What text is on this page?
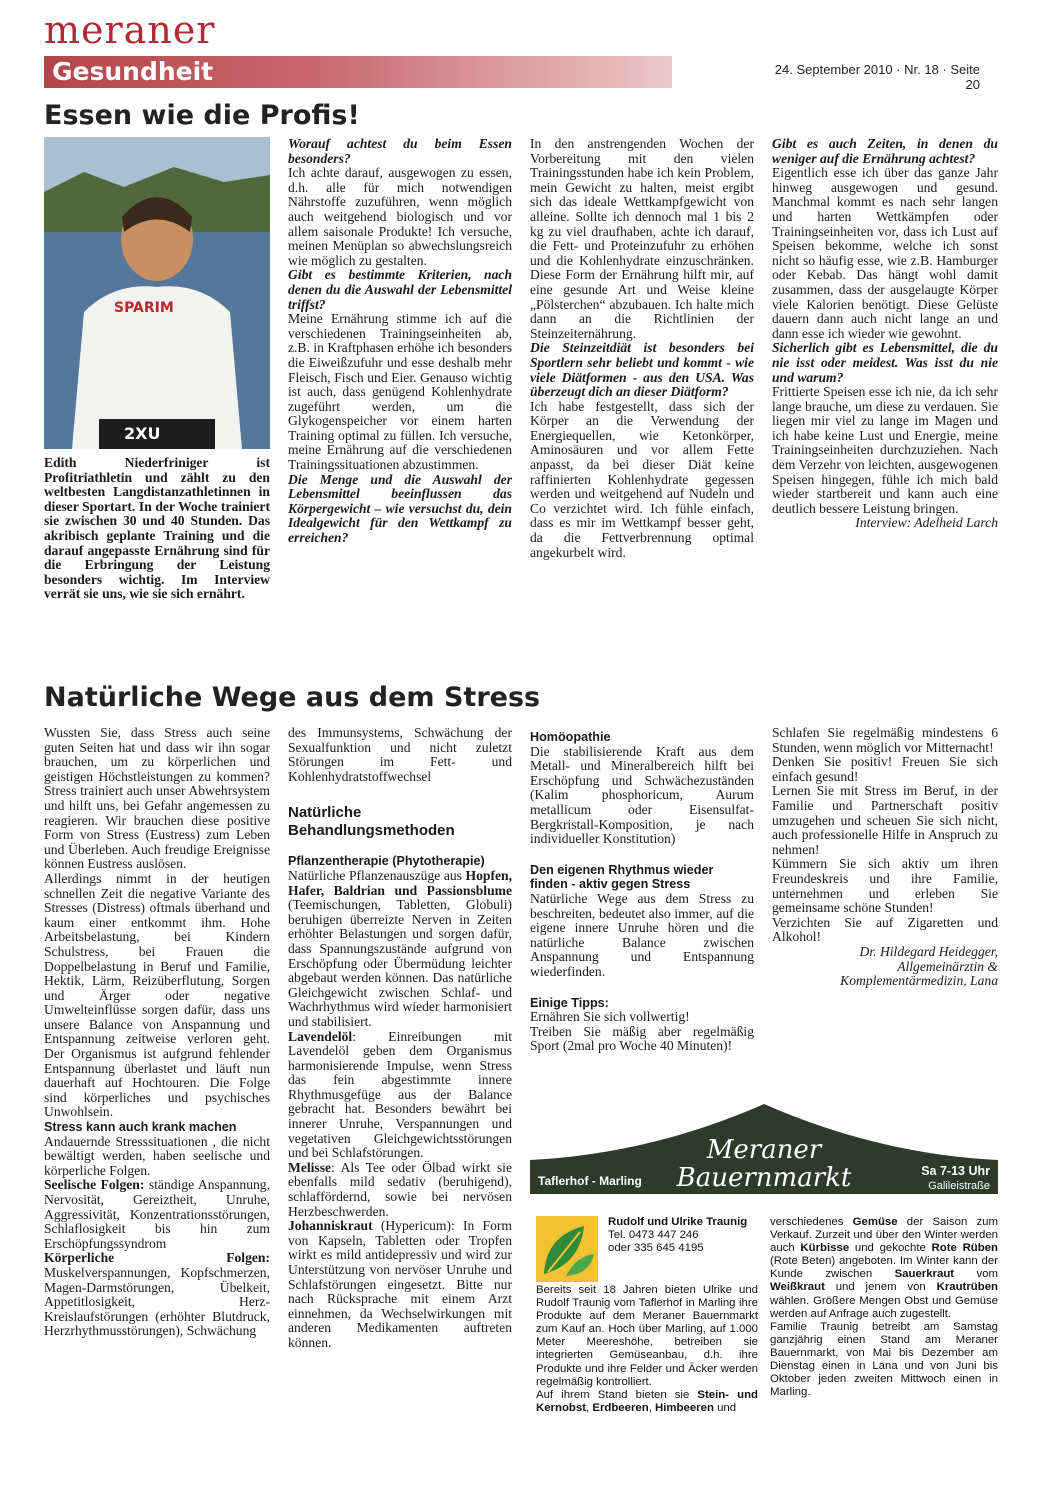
meraner
Gesundheit	24. September 2010 · Nr. 18 · Seite 20
Essen wie die Profis!
SPARIM
2XU
Edith Niederfriniger ist Profitriathletin und zählt zu den weltbesten Langdistanzathletinnen in dieser Sportart. In der Woche trainiert sie zwischen 30 und 40 Stunden. Das akribisch geplante Training und die darauf angepasste Ernährung sind für die Erbringung der Leistung besonders wichtig. Im Interview verrät sie uns, wie sie sich ernährt.

Worauf achtest du beim Essen besonders?

Ich achte darauf, ausgewogen zu essen, d.h. alle für mich notwendigen Nährstoffe zuzuführen, wenn möglich auch weitgehend biologisch und vor allem saisonale Produkte! Ich versuche, meinen Menüplan so abwechslungsreich wie möglich zu gestalten.

Gibt es bestimmte Kriterien, nach denen du die Auswahl der Lebensmittel triffst?

Meine Ernährung stimme ich auf die verschiedenen Trainingseinheiten ab, z.B. in Kraftphasen erhöhe ich besonders die Eiweißzufuhr und esse deshalb mehr Fleisch, Fisch und Eier. Genauso wichtig ist auch, dass genügend Kohlenhydrate zugeführt werden, um die Glykogenspeicher vor einem harten Training optimal zu füllen. Ich versuche, meine Ernährung auf die verschiedenen Trainingssituationen abzustimmen.

Die Menge und die Auswahl der Lebensmittel beeinflussen das Körpergewicht – wie versuchst du, dein Idealgewicht für den Wettkampf zu erreichen?

In den anstrengenden Wochen der Vorbereitung mit den vielen Trainingsstunden habe ich kein Problem, mein Gewicht zu halten, meist ergibt sich das ideale Wettkampfgewicht von alleine. Sollte ich dennoch mal 1 bis 2 kg zu viel draufhaben, achte ich darauf, die Fett- und Proteinzufuhr zu erhöhen und die Kohlenhydrate einzuschränken. Diese Form der Ernährung hilft mir, auf eine gesunde Art und Weise kleine „Pölsterchen“ abzubauen. Ich halte mich dann an die Richtlinien der Steinzeiternährung.

Die Steinzeitdiät ist besonders bei Sportlern sehr beliebt und kommt - wie viele Diätformen - aus den USA. Was überzeugt dich an dieser Diätform?

Ich habe festgestellt, dass sich der Körper an die Verwendung der Energiequellen, wie Ketonkörper, Aminosäuren und vor allem Fette anpasst, da bei dieser Diät keine raffinierten Kohlenhydrate gegessen werden und weitgehend auf Nudeln und Co verzichtet wird. Ich fühle einfach, dass es mir im Wettkampf besser geht, da die Fettverbrennung optimal angekurbelt wird.

Gibt es auch Zeiten, in denen du weniger auf die Ernährung achtest?

Eigentlich esse ich über das ganze Jahr hinweg ausgewogen und gesund. Manchmal kommt es nach sehr langen und harten Wettkämpfen oder Trainingseinheiten vor, dass ich Lust auf Speisen bekomme, welche ich sonst nicht so häufig esse, wie z.B. Hamburger oder Kebab. Das hängt wohl damit zusammen, dass der ausgelaugte Körper viele Kalorien benötigt. Diese Gelüste dauern dann auch nicht lange an und dann esse ich wieder wie gewohnt.

Sicherlich gibt es Lebensmittel, die du nie isst oder meidest. Was isst du nie und warum?

Frittierte Speisen esse ich nie, da ich sehr lange brauche, um diese zu verdauen. Sie liegen mir viel zu lange im Magen und ich habe keine Lust und Energie, meine Trainingseinheiten durchzuziehen. Nach dem Verzehr von leichten, ausgewogenen Speisen hingegen, fühle ich mich bald wieder startbereit und kann auch eine deutlich bessere Leistung bringen.

Interview: Adelheid Larch

Natürliche Wege aus dem Stress

Wussten Sie, dass Stress auch seine guten Seiten hat und dass wir ihn sogar brauchen, um zu körperlichen und geistigen Höchstleistungen zu kommen? Stress trainiert auch unser Abwehrsystem und hilft uns, bei Gefahr angemessen zu reagieren. Wir brauchen diese positive Form von Stress (Eustress) zum Leben und Überleben. Auch freudige Ereignisse können Eustress auslösen.

Allerdings nimmt in der heutigen schnellen Zeit die negative Variante des Stresses (Distress) oftmals überhand und kaum einer entkommt ihm. Hohe Arbeitsbelastung, bei Kindern Schulstress, bei Frauen die Doppelbelastung in Beruf und Familie, Hektik, Lärm, Reizüberflutung, Sorgen und Ärger oder negative Umwelteinflüsse sorgen dafür, dass uns unsere Balance von Anspannung und Entspannung zeitweise verloren geht. Der Organismus ist aufgrund fehlender Entspannung überlastet und läuft nun dauerhaft auf Hochtouren. Die Folge sind körperliches und psychisches Unwohlsein.

Stress kann auch krank machen

Andauernde Stresssituationen , die nicht bewältigt werden, haben seelische und körperliche Folgen.

Seelische Folgen: ständige Anspannung, Nervosität, Gereiztheit, Unruhe, Aggressivität, Konzentrationsstörungen, Schlaflosigkeit bis hin zum Erschöpfungssyndrom

Körperliche Folgen: Muskelverspannungen, Kopfschmerzen, Magen-Darmstörungen, Übelkeit, Appetitlosigkeit, Herz-Kreislaufstörungen (erhöhter Blutdruck, Herzrhythmusstörungen), Schwächung

des Immunsystems, Schwächung der Sexualfunktion und nicht zuletzt Störungen im Fett- und Kohlenhydratstoffwechsel

Natürliche Behandlungsmethoden

Pflanzentherapie (Phytotherapie)

Natürliche Pflanzenauszüge aus Hopfen, Hafer, Baldrian und Passionsblume (Teemischungen, Tabletten, Globuli) beruhigen überreizte Nerven in Zeiten erhöhter Belastungen und sorgen dafür, dass Spannungszustände aufgrund von Erschöpfung oder Übermüdung leichter abgebaut werden können. Das natürliche Gleichgewicht zwischen Schlaf- und Wachrhythmus wird wieder harmonisiert und stabilisiert.

Lavendelöl: Einreibungen mit Lavendelöl geben dem Organismus harmonisierende Impulse, wenn Stress das fein abgestimmte innere Rhythmusgefüge aus der Balance gebracht hat. Besonders bewährt bei innerer Unruhe, Verspannungen und vegetativen Gleichgewichtsstörungen und bei Schlafstörungen.

Melisse: Als Tee oder Ölbad wirkt sie ebenfalls mild sedativ (beruhigend), schlaffördernd, sowie bei nervösen Herzbeschwerden.

Johanniskraut (Hypericum): In Form von Kapseln, Tabletten oder Tropfen wirkt es mild antidepressiv und wird zur Unterstützung von nervöser Unruhe und Schlafstörungen eingesetzt. Bitte nur nach Rücksprache mit einem Arzt einnehmen, da Wechselwirkungen mit anderen Medikamenten auftreten können.

Homöopathie

Die stabilisierende Kraft aus dem Metall- und Mineralbereich hilft bei Erschöpfung und Schwächezuständen (Kalim phosphoricum, Aurum metallicum oder Eisensulfat-Bergkristall-Komposition, je nach individueller Konstitution)

Den eigenen Rhythmus wieder finden - aktiv gegen Stress

Natürliche Wege aus dem Stress zu beschreiten, bedeutet also immer, auf die eigene innere Unruhe hören und die natürliche Balance zwischen Anspannung und Entspannung wiederfinden.

Einige Tipps:

Ernähren Sie sich vollwertig!

Treiben Sie mäßig aber regelmäßig Sport (2mal pro Woche 40 Minuten)!

Schlafen Sie regelmäßig mindestens 6 Stunden, wenn möglich vor Mitternacht!

Denken Sie positiv! Freuen Sie sich einfach gesund!

Lernen Sie mit Stress im Beruf, in der Familie und Partnerschaft positiv umzugehen und scheuen Sie sich nicht, auch professionelle Hilfe in Anspruch zu nehmen!

Kümmern Sie sich aktiv um ihren Freundeskreis und ihre Familie, unternehmen und erleben Sie gemeinsame schöne Stunden!

Verzichten Sie auf Zigaretten und Alkohol!

Dr. Hildegard Heidegger,

Allgemeinärztin &

Komplementärmedizin, Lana

Meraner
Bauernmarkt
Taflerhof - Marling
Sa 7-13 Uhr
Galileistraße
Rudolf und Ulrike Traunig
Tel. 0473 447 246
oder 335 645 4195
Bereits seit 18 Jahren bieten Ulrike und Rudolf Traunig vom Taflerhof in Marling ihre Produkte auf dem Meraner Bauernmarkt zum Kauf an. Hoch über Marling, auf 1.000 Meter Meereshöhe, betreiben sie integrierten Gemüseanbau, d.h. ihre Produkte und ihre Felder und Äcker werden regelmäßig kontrolliert.
Auf ihrem Stand bieten sie Stein- und Kernobst, Erdbeeren, Himbeeren und
verschiedenes Gemüse der Saison zum Verkauf. Zurzeit und über den Winter werden auch Kürbisse und gekochte Rote Rüben (Rote Beten) angeboten. Im Winter kann der Kunde zwischen Sauerkraut vom Weißkraut und jenem von Krautrüben wählen. Größere Mengen Obst und Gemüse werden auf Anfrage auch zugestellt.
Familie Traunig betreibt am Samstag ganzjährig einen Stand am Meraner Bauernmarkt, von Mai bis Dezember am Dienstag einen in Lana und von Juni bis Oktober jeden zweiten Mittwoch einen in Marling.
